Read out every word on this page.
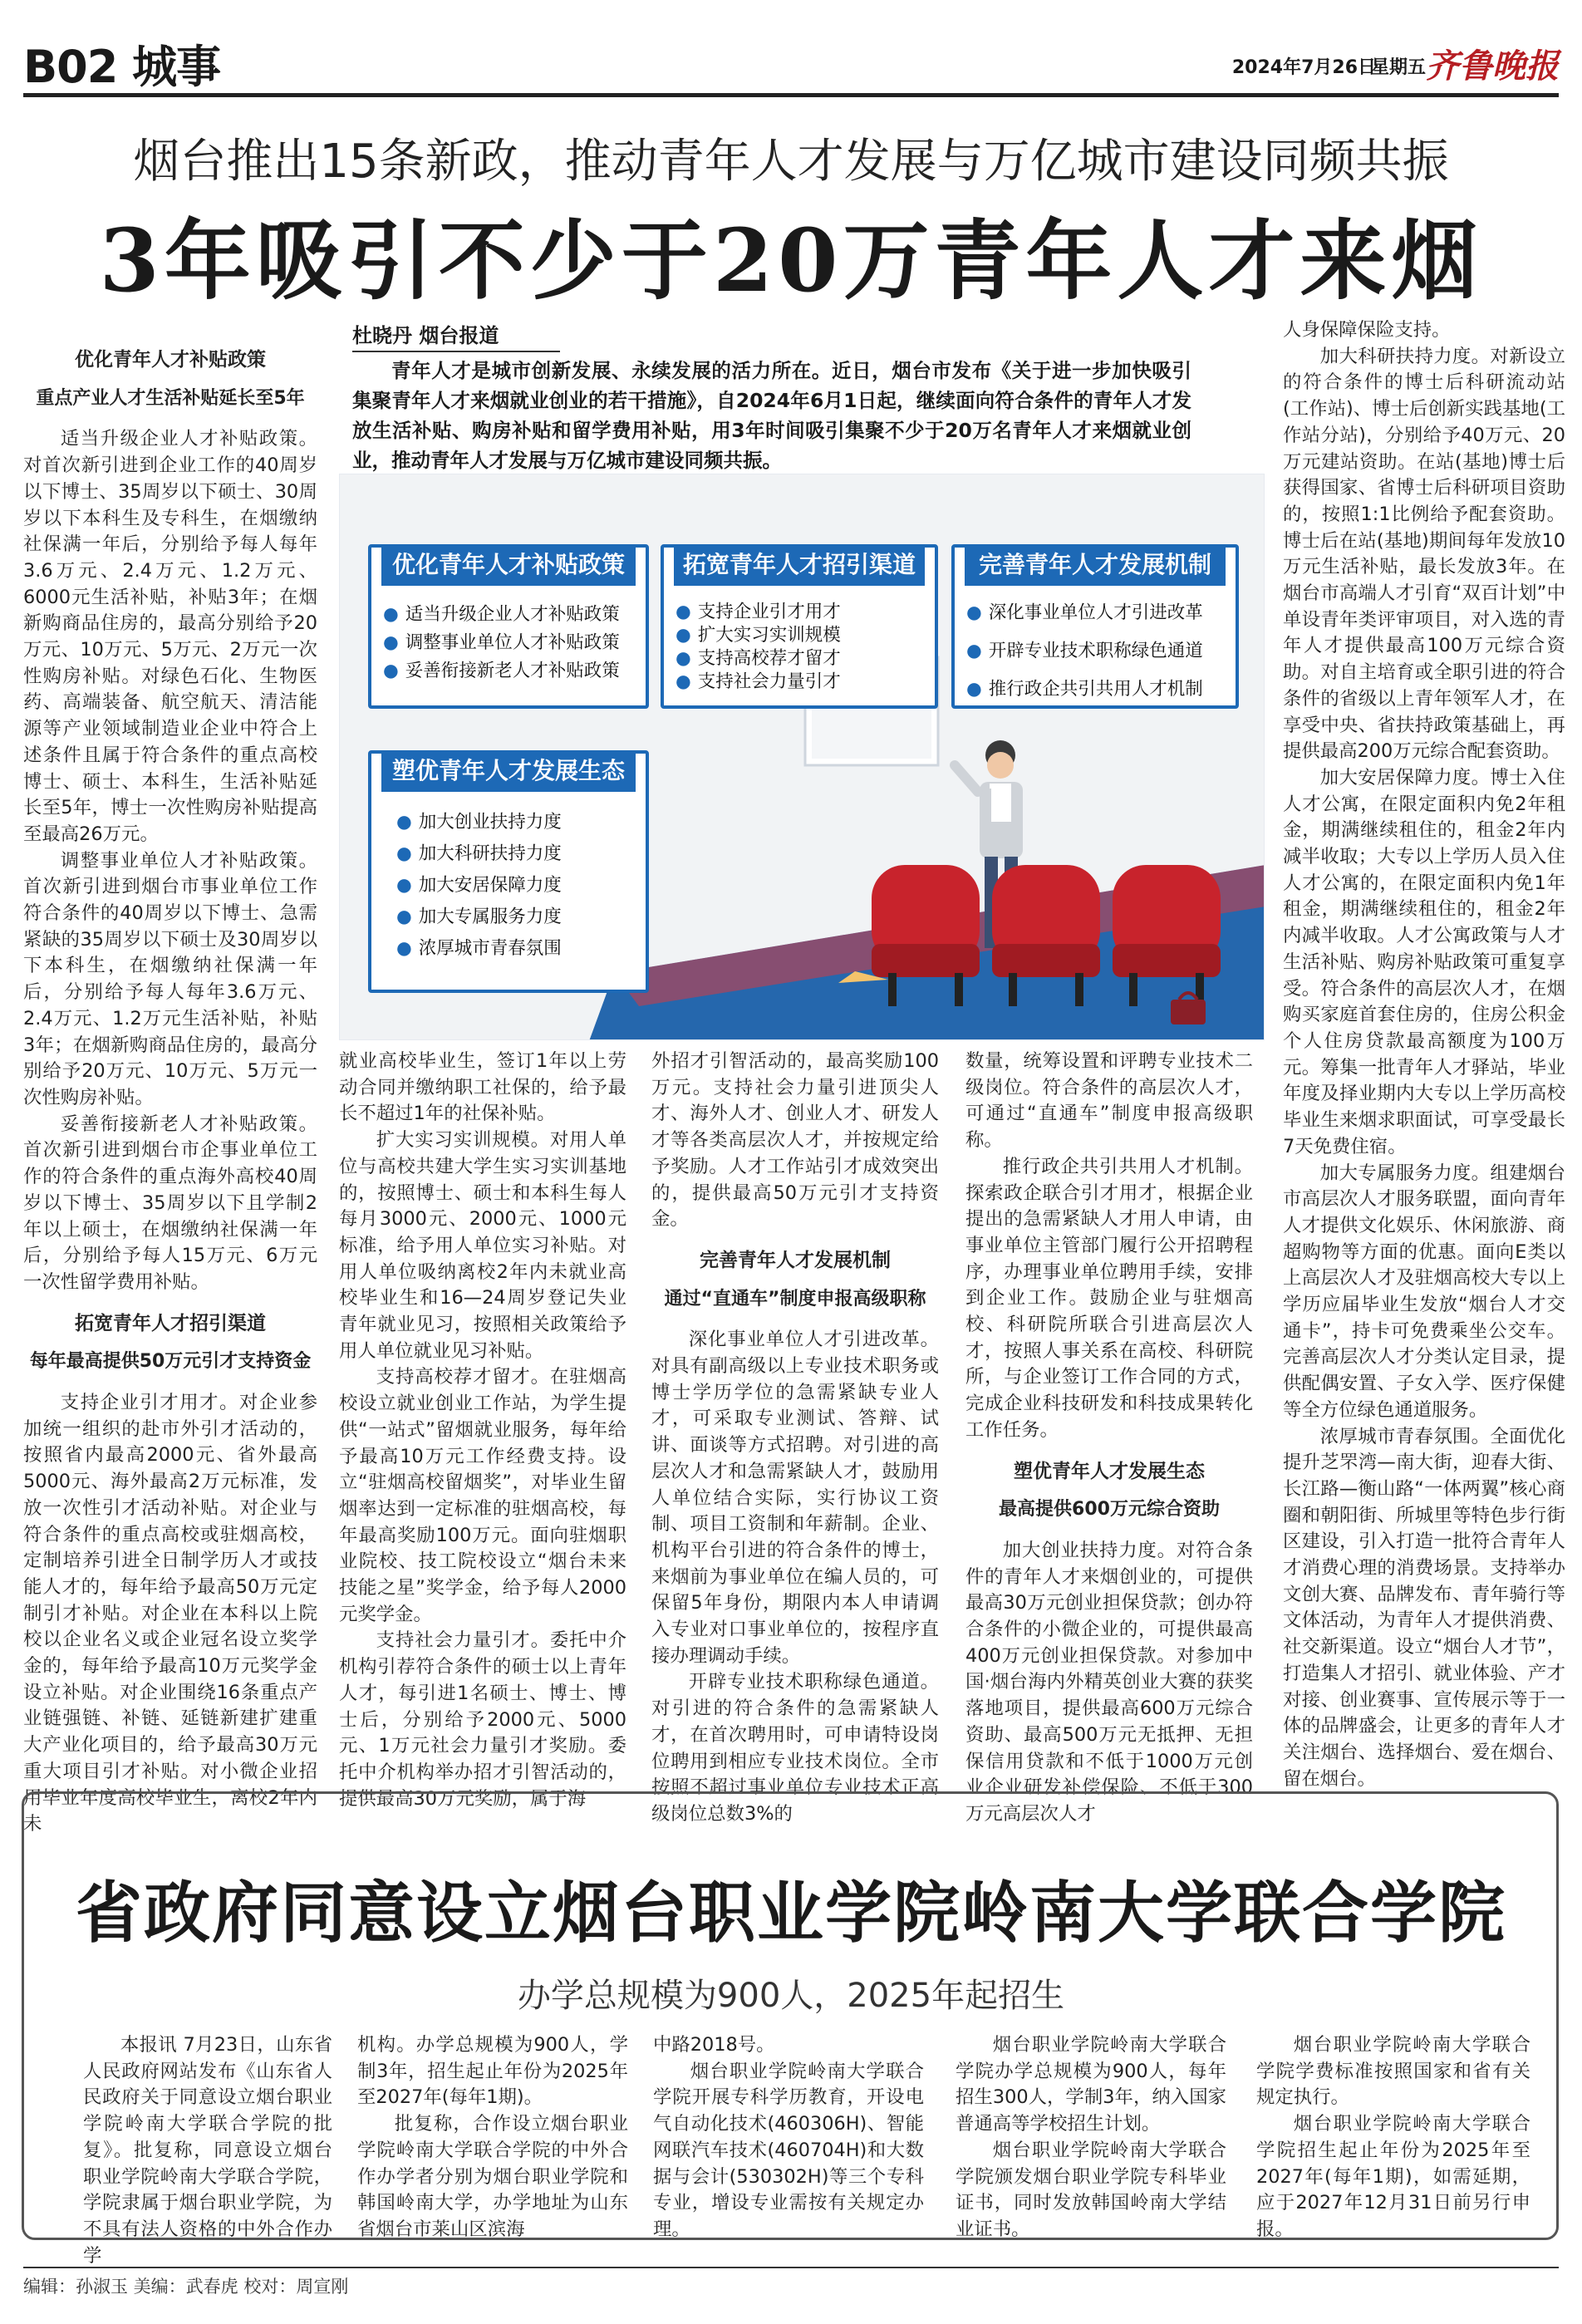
B02 城事	2024年7月26日
星期五 齐鲁晚报
烟台推出15条新政，推动青年人才发展与万亿城市建设同频共振
3年吸引不少于20万青年人才来烟
优化青年人才补贴政策
重点产业人才生活补贴延长至5年

适当升级企业人才补贴政策。对首次新引进到企业工作的40周岁以下博士、35周岁以下硕士、30周岁以下本科生及专科生，在烟缴纳社保满一年后，分别给予每人每年3.6万元、2.4万元、1.2万元、6000元生活补贴，补贴3年；在烟新购商品住房的，最高分别给予20万元、10万元、5万元、2万元一次性购房补贴。对绿色石化、生物医药、高端装备、航空航天、清洁能源等产业领域制造业企业中符合上述条件且属于符合条件的重点高校博士、硕士、本科生，生活补贴延长至5年，博士一次性购房补贴提高至最高26万元。

调整事业单位人才补贴政策。首次新引进到烟台市事业单位工作符合条件的40周岁以下博士、急需紧缺的35周岁以下硕士及30周岁以下本科生，在烟缴纳社保满一年后，分别给予每人每年3.6万元、2.4万元、1.2万元生活补贴，补贴3年；在烟新购商品住房的，最高分别给予20万元、10万元、5万元一次性购房补贴。

妥善衔接新老人才补贴政策。首次新引进到烟台市企事业单位工作的符合条件的重点海外高校40周岁以下博士、35周岁以下且学制2年以上硕士，在烟缴纳社保满一年后，分别给予每人15万元、6万元一次性留学费用补贴。

拓宽青年人才招引渠道
每年最高提供50万元引才支持资金

支持企业引才用才。对企业参加统一组织的赴市外引才活动的，按照省内最高2000元、省外最高5000元、海外最高2万元标准，发放一次性引才活动补贴。对企业与符合条件的重点高校或驻烟高校，定制培养引进全日制学历人才或技能人才的，每年给予最高50万元定制引才补贴。对企业在本科以上院校以企业名义或企业冠名设立奖学金的，每年给予最高10万元奖学金设立补贴。对企业围绕16条重点产业链强链、补链、延链新建扩建重大产业化项目的，给予最高30万元重大项目引才补贴。对小微企业招用毕业年度高校毕业生，离校2年内未

杜晓丹 烟台报道
青年人才是城市创新发展、永续发展的活力所在。近日，烟台市发布《关于进一步加快吸引集聚青年人才来烟就业创业的若干措施》，自2024年6月1日起，继续面向符合条件的青年人才发放生活补贴、购房补贴和留学费用补贴，用3年时间吸引集聚不少于20万名青年人才来烟就业创业，推动青年人才发展与万亿城市建设同频共振。
优化青年人才补贴政策
● 适当升级企业人才补贴政策
● 调整事业单位人才补贴政策
● 妥善衔接新老人才补贴政策
拓宽青年人才招引渠道
● 支持企业引才用才
● 扩大实习实训规模
● 支持高校荐才留才
● 支持社会力量引才
完善青年人才发展机制
● 深化事业单位人才引进改革
● 开辟专业技术职称绿色通道
● 推行政企共引共用人才机制
塑优青年人才发展生态
● 加大创业扶持力度
● 加大科研扶持力度
● 加大安居保障力度
● 加大专属服务力度
● 浓厚城市青春氛围

就业高校毕业生，签订1年以上劳动合同并缴纳职工社保的，给予最长不超过1年的社保补贴。

扩大实习实训规模。对用人单位与高校共建大学生实习实训基地的，按照博士、硕士和本科生每人每月3000元、2000元、1000元标准，给予用人单位实习补贴。对用人单位吸纳离校2年内未就业高校毕业生和16—24周岁登记失业青年就业见习，按照相关政策给予用人单位就业见习补贴。

支持高校荐才留才。在驻烟高校设立就业创业工作站，为学生提供“一站式”留烟就业服务，每年给予最高10万元工作经费支持。设立“驻烟高校留烟奖”，对毕业生留烟率达到一定标准的驻烟高校，每年最高奖励100万元。面向驻烟职业院校、技工院校设立“烟台未来技能之星”奖学金，给予每人2000元奖学金。

支持社会力量引才。委托中介机构引荐符合条件的硕士以上青年人才，每引进1名硕士、博士、博士后，分别给予2000元、5000元、1万元社会力量引才奖励。委托中介机构举办招才引智活动的，提供最高30万元奖励，属于海

外招才引智活动的，最高奖励100万元。支持社会力量引进顶尖人才、海外人才、创业人才、研发人才等各类高层次人才，并按规定给予奖励。人才工作站引才成效突出的，提供最高50万元引才支持资金。

完善青年人才发展机制
通过“直通车”制度申报高级职称

深化事业单位人才引进改革。对具有副高级以上专业技术职务或博士学历学位的急需紧缺专业人才，可采取专业测试、答辩、试讲、面谈等方式招聘。对引进的高层次人才和急需紧缺人才，鼓励用人单位结合实际，实行协议工资制、项目工资制和年薪制。企业、机构平台引进的符合条件的博士，来烟前为事业单位在编人员的，可保留5年身份，期限内本人申请调入专业对口事业单位的，按程序直接办理调动手续。

开辟专业技术职称绿色通道。对引进的符合条件的急需紧缺人才，在首次聘用时，可申请特设岗位聘用到相应专业技术岗位。全市按照不超过事业单位专业技术正高级岗位总数3%的

数量，统筹设置和评聘专业技术二级岗位。符合条件的高层次人才，可通过“直通车”制度申报高级职称。

推行政企共引共用人才机制。探索政企联合引才用才，根据企业提出的急需紧缺人才用人申请，由事业单位主管部门履行公开招聘程序，办理事业单位聘用手续，安排到企业工作。鼓励企业与驻烟高校、科研院所联合引进高层次人才，按照人事关系在高校、科研院所，与企业签订工作合同的方式，完成企业科技研发和科技成果转化工作任务。

塑优青年人才发展生态
最高提供600万元综合资助

加大创业扶持力度。对符合条件的青年人才来烟创业的，可提供最高30万元创业担保贷款；创办符合条件的小微企业的，可提供最高400万元创业担保贷款。对参加中国·烟台海内外精英创业大赛的获奖落地项目，提供最高600万元综合资助、最高500万元无抵押、无担保信用贷款和不低于1000万元创业企业研发补偿保险、不低于300万元高层次人才

人身保障保险支持。

加大科研扶持力度。对新设立的符合条件的博士后科研流动站(工作站)、博士后创新实践基地(工作站分站)，分别给予40万元、20万元建站资助。在站(基地)博士后获得国家、省博士后科研项目资助的，按照1:1比例给予配套资助。博士后在站(基地)期间每年发放10万元生活补贴，最长发放3年。在烟台市高端人才引育“双百计划”中单设青年类评审项目，对入选的青年人才提供最高100万元综合资助。对自主培育或全职引进的符合条件的省级以上青年领军人才，在享受中央、省扶持政策基础上，再提供最高200万元综合配套资助。

加大安居保障力度。博士入住人才公寓，在限定面积内免2年租金，期满继续租住的，租金2年内减半收取；大专以上学历人员入住人才公寓的，在限定面积内免1年租金，期满继续租住的，租金2年内减半收取。人才公寓政策与人才生活补贴、购房补贴政策可重复享受。符合条件的高层次人才，在烟购买家庭首套住房的，住房公积金个人住房贷款最高额度为100万元。筹集一批青年人才驿站，毕业年度及择业期内大专以上学历高校毕业生来烟求职面试，可享受最长7天免费住宿。

加大专属服务力度。组建烟台市高层次人才服务联盟，面向青年人才提供文化娱乐、休闲旅游、商超购物等方面的优惠。面向E类以上高层次人才及驻烟高校大专以上学历应届毕业生发放“烟台人才交通卡”，持卡可免费乘坐公交车。完善高层次人才分类认定目录，提供配偶安置、子女入学、医疗保健等全方位绿色通道服务。

浓厚城市青春氛围。全面优化提升芝罘湾—南大街，迎春大街、长江路—衡山路“一体两翼”核心商圈和朝阳街、所城里等特色步行街区建设，引入打造一批符合青年人才消费心理的消费场景。支持举办文创大赛、品牌发布、青年骑行等文体活动，为青年人才提供消费、社交新渠道。设立“烟台人才节”，打造集人才招引、就业体验、产才对接、创业赛事、宣传展示等于一体的品牌盛会，让更多的青年人才关注烟台、选择烟台、爱在烟台、留在烟台。

省政府同意设立烟台职业学院岭南大学联合学院
办学总规模为900人，2025年起招生

本报讯 7月23日，山东省人民政府网站发布《山东省人民政府关于同意设立烟台职业学院岭南大学联合学院的批复》。批复称，同意设立烟台职业学院岭南大学联合学院，学院隶属于烟台职业学院，为不具有法人资格的中外合作办学

机构。办学总规模为900人，学制3年，招生起止年份为2025年至2027年(每年1期)。

批复称，合作设立烟台职业学院岭南大学联合学院的中外合作办学者分别为烟台职业学院和韩国岭南大学，办学地址为山东省烟台市莱山区滨海

中路2018号。

烟台职业学院岭南大学联合学院开展专科学历教育，开设电气自动化技术(460306H)、智能网联汽车技术(460704H)和大数据与会计(530302H)等三个专科专业，增设专业需按有关规定办理。

烟台职业学院岭南大学联合学院办学总规模为900人，每年招生300人，学制3年，纳入国家普通高等学校招生计划。

烟台职业学院岭南大学联合学院颁发烟台职业学院专科毕业证书，同时发放韩国岭南大学结业证书。

烟台职业学院岭南大学联合学院学费标准按照国家和省有关规定执行。

烟台职业学院岭南大学联合学院招生起止年份为2025年至2027年(每年1期)，如需延期，应于2027年12月31日前另行申报。

编辑：孙淑玉 美编：武春虎 校对：周宣刚
